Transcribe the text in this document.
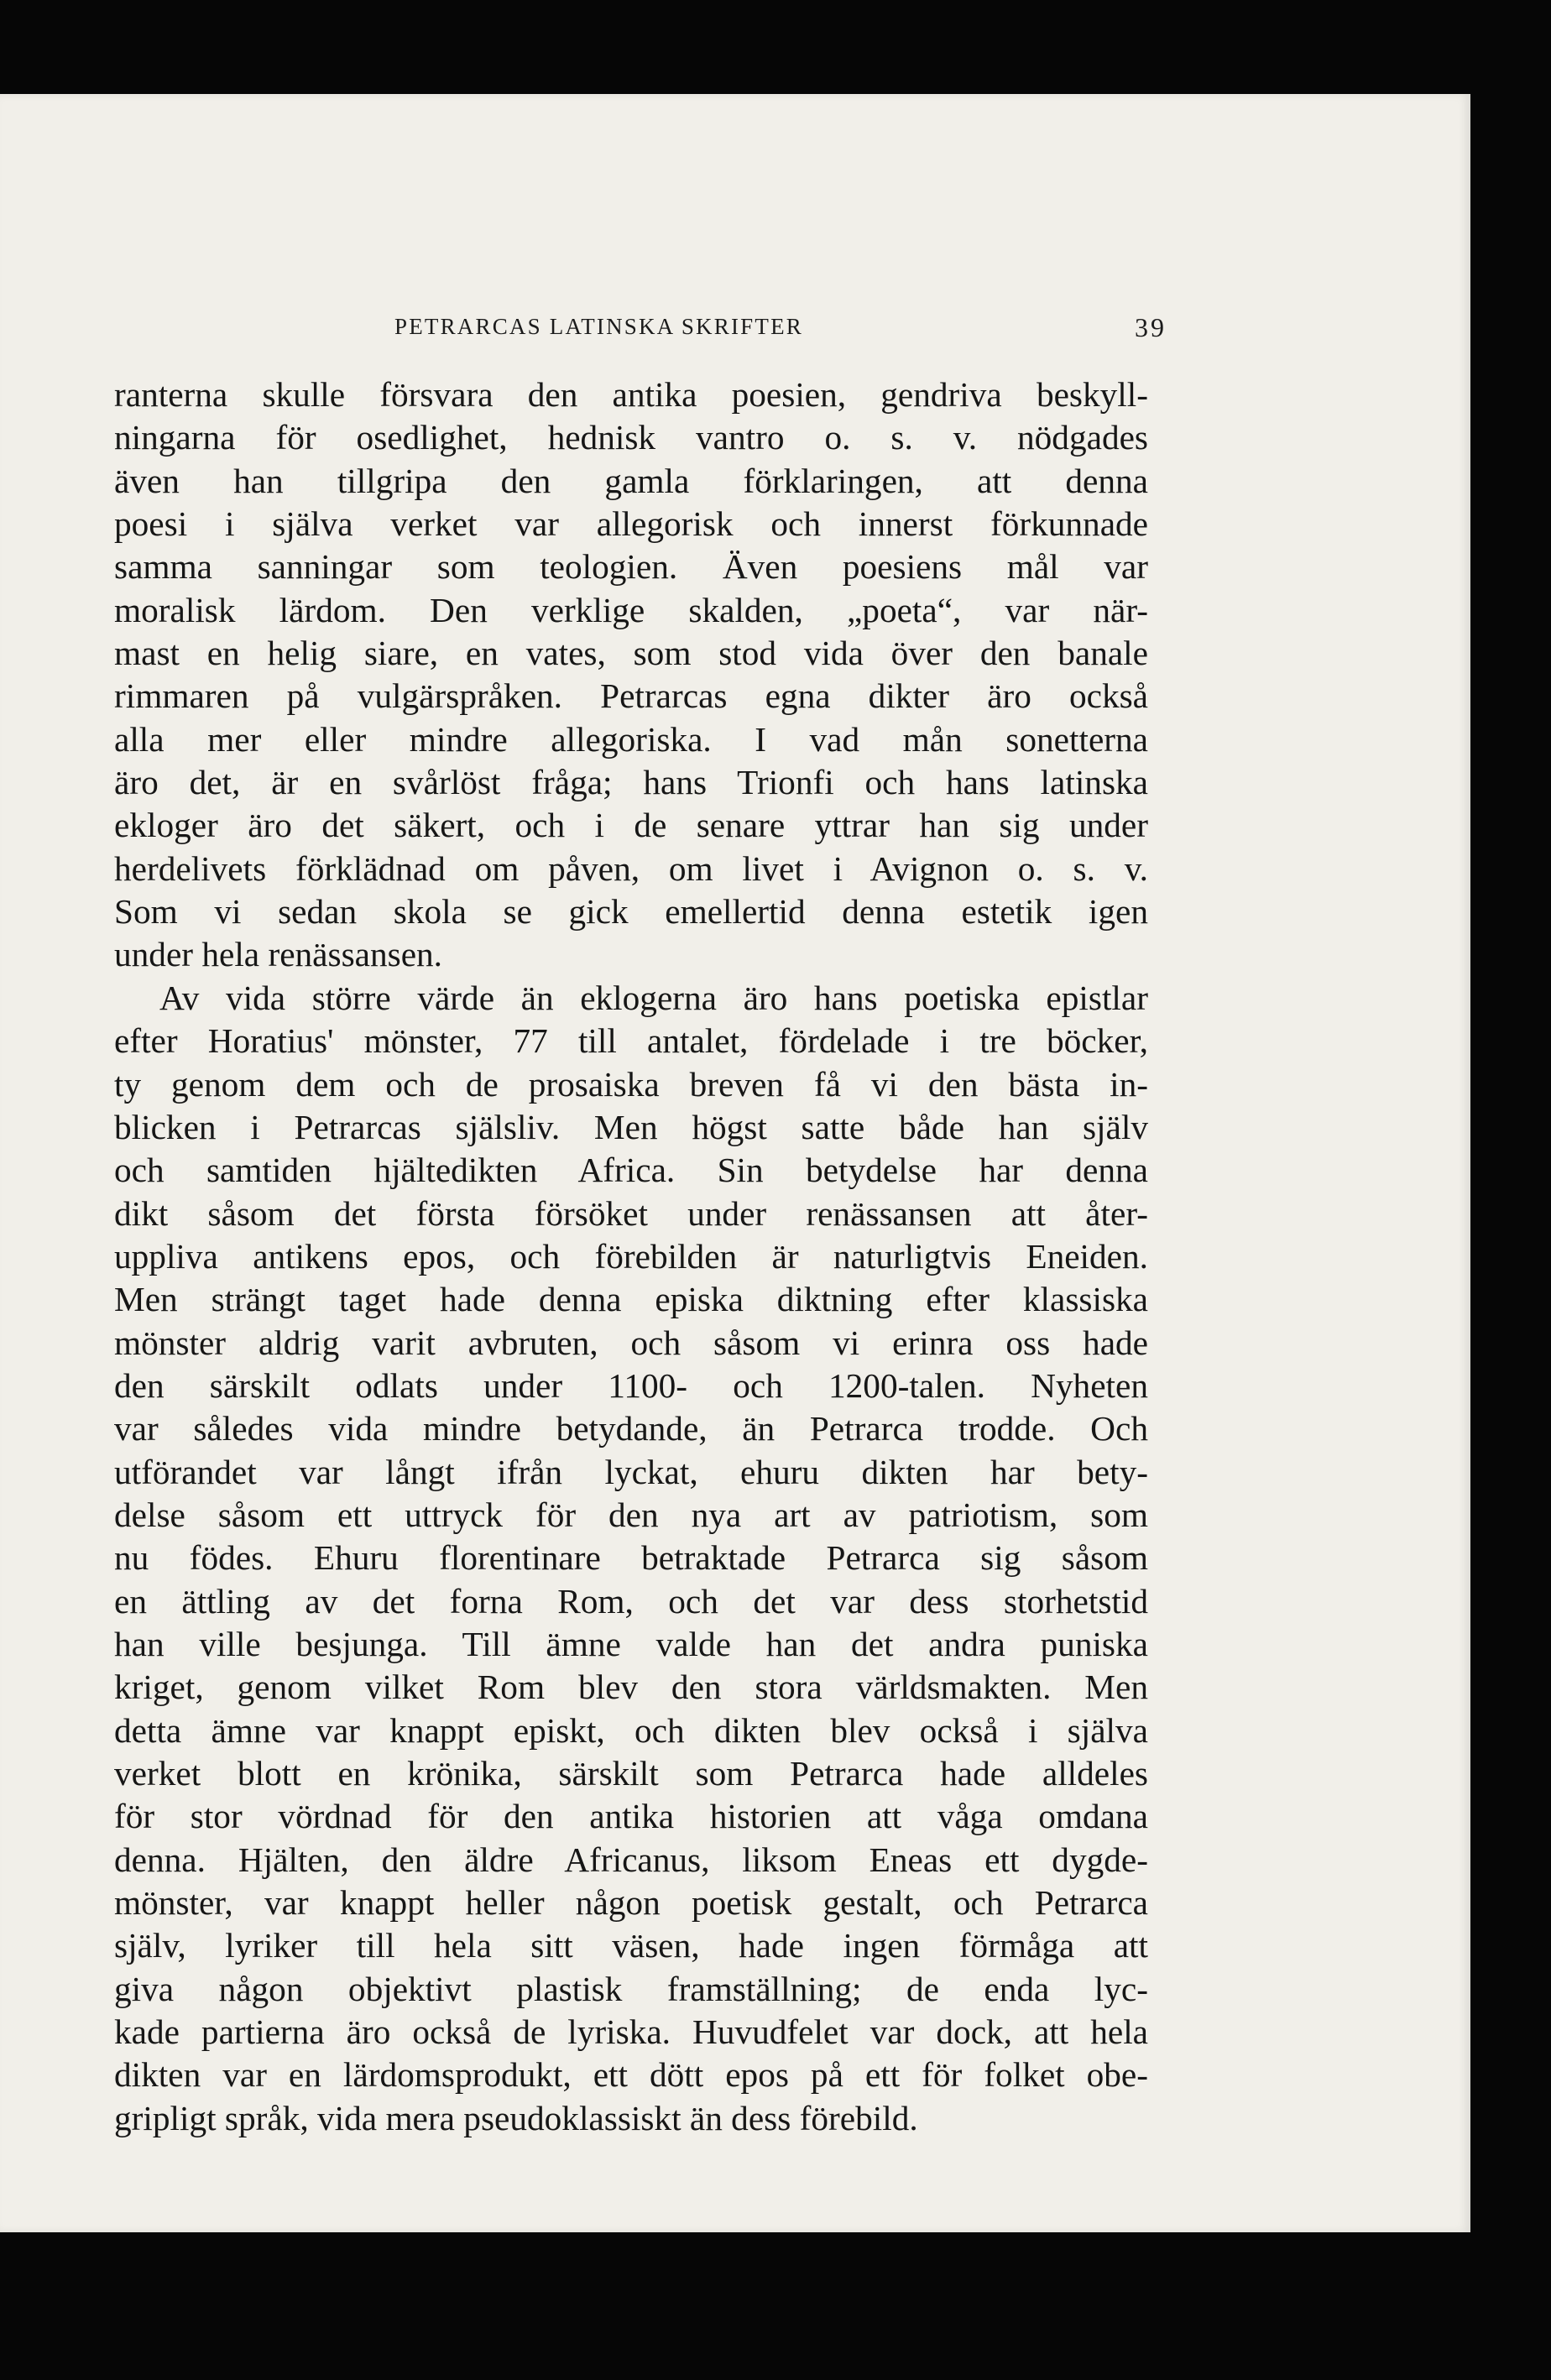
PETRARCAS LATINSKA SKRIFTER	39
ranterna skulle försvara den antika poesien, gendriva beskyll-
ningarna för osedlighet, hednisk vantro o. s. v. nödgades
även han tillgripa den gamla förklaringen, att denna
poesi i själva verket var allegorisk och innerst förkunnade
samma sanningar som teologien. Även poesiens mål var
moralisk lärdom. Den verklige skalden, „poeta“, var när-
mast en helig siare, en vates, som stod vida över den banale
rimmaren på vulgärspråken. Petrarcas egna dikter äro också
alla mer eller mindre allegoriska. I vad mån sonetterna
äro det, är en svårlöst fråga; hans Trionfi och hans latinska
ekloger äro det säkert, och i de senare yttrar han sig under
herdelivets förklädnad om påven, om livet i Avignon o. s. v.
Som vi sedan skola se gick emellertid denna estetik igen
under hela renässansen.
Av vida större värde än eklogerna äro hans poetiska epistlar
efter Horatius' mönster, 77 till antalet, fördelade i tre böcker,
ty genom dem och de prosaiska breven få vi den bästa in-
blicken i Petrarcas själsliv. Men högst satte både han själv
och samtiden hjältedikten Africa. Sin betydelse har denna
dikt såsom det första försöket under renässansen att åter-
uppliva antikens epos, och förebilden är naturligtvis Eneiden.
Men strängt taget hade denna episka diktning efter klassiska
mönster aldrig varit avbruten, och såsom vi erinra oss hade
den särskilt odlats under 1100- och 1200-talen. Nyheten
var således vida mindre betydande, än Petrarca trodde. Och
utförandet var långt ifrån lyckat, ehuru dikten har bety-
delse såsom ett uttryck för den nya art av patriotism, som
nu födes. Ehuru florentinare betraktade Petrarca sig såsom
en ättling av det forna Rom, och det var dess storhetstid
han ville besjunga. Till ämne valde han det andra puniska
kriget, genom vilket Rom blev den stora världsmakten. Men
detta ämne var knappt episkt, och dikten blev också i själva
verket blott en krönika, särskilt som Petrarca hade alldeles
för stor vördnad för den antika historien att våga omdana
denna. Hjälten, den äldre Africanus, liksom Eneas ett dygde-
mönster, var knappt heller någon poetisk gestalt, och Petrarca
själv, lyriker till hela sitt väsen, hade ingen förmåga att
giva någon objektivt plastisk framställning; de enda lyc-
kade partierna äro också de lyriska. Huvudfelet var dock, att hela
dikten var en lärdomsprodukt, ett dött epos på ett för folket obe-
gripligt språk, vida mera pseudoklassiskt än dess förebild.
